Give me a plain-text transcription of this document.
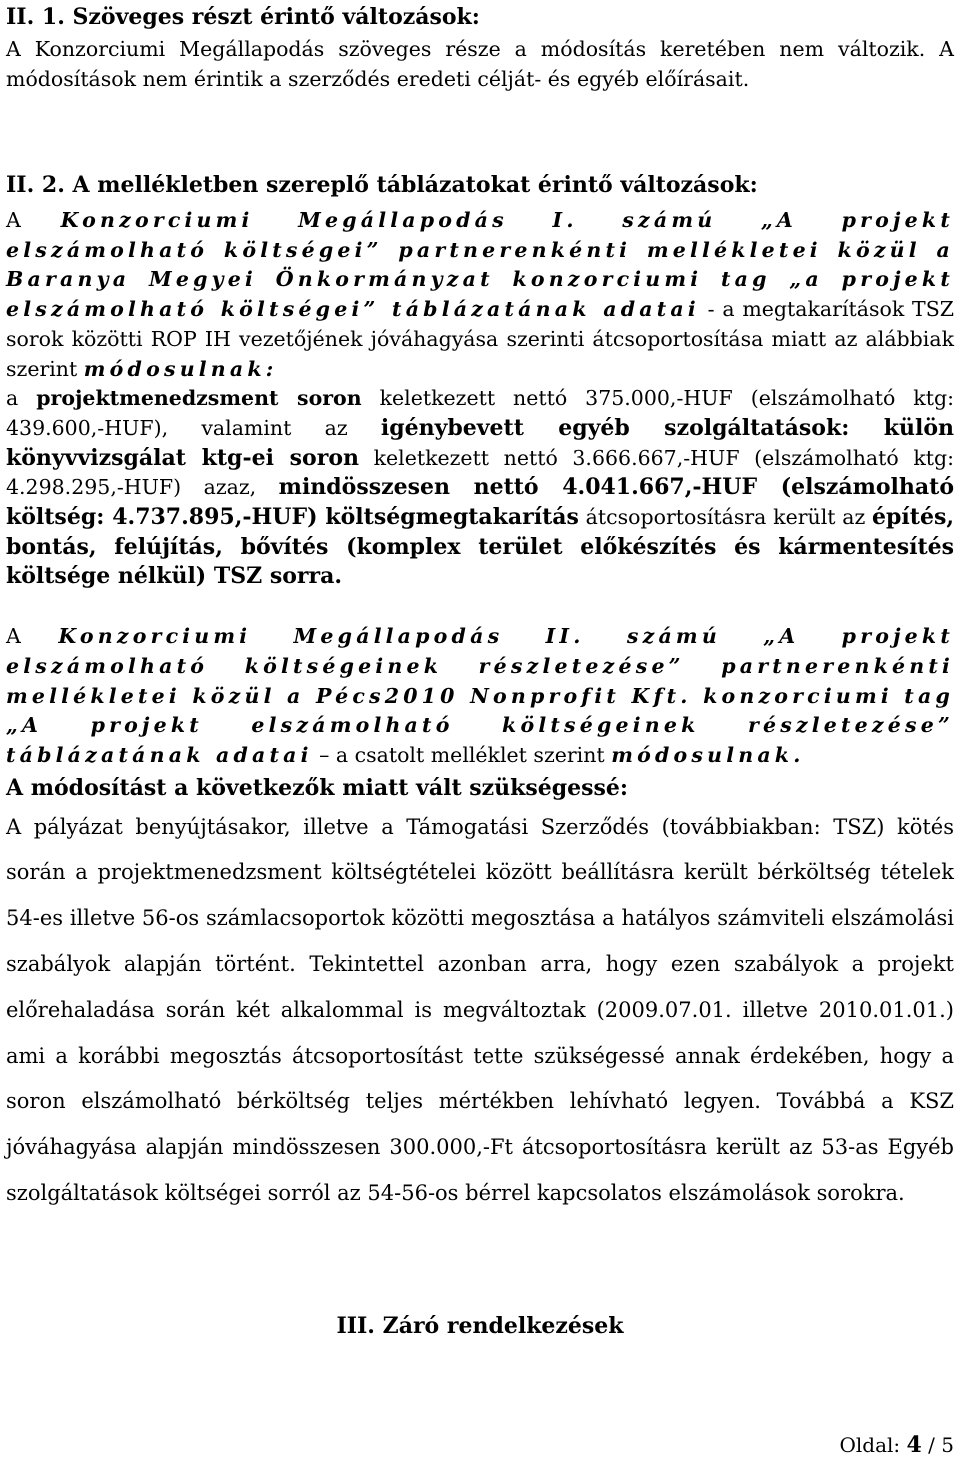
II. 1. Szöveges részt érintő változások:

A Konzorciumi Megállapodás szöveges része a módosítás keretében nem változik. A módosítások nem érintik a szerződés eredeti célját- és egyéb előírásait.

II. 2. A mellékletben szereplő táblázatokat érintő változások:

A Konzorciumi Megállapodás I. számú „A projekt elszámolható költségei” partnerenkénti mellékletei közül a Baranya Megyei Önkormányzat konzorciumi tag „a projekt elszámolható költségei” táblázatának adatai - a megtakarítások TSZ sorok közötti ROP IH vezetőjének jóváhagyása szerinti átcsoportosítása miatt az alábbiak szerint módosulnak:
a projektmenedzsment soron keletkezett nettó 375.000,-HUF (elszámolható ktg: 439.600,-HUF), valamint az igénybevett egyéb szolgáltatások: külön könyvvizsgálat ktg-ei soron keletkezett nettó 3.666.667,-HUF (elszámolható ktg: 4.298.295,-HUF) azaz, mindösszesen nettó 4.041.667,-HUF (elszámolható költség: 4.737.895,-HUF) költségmegtakarítás átcsoportosításra került az építés, bontás, felújítás, bővítés (komplex terület előkészítés és kármentesítés költsége nélkül) TSZ sorra.

A Konzorciumi Megállapodás II. számú „A projekt elszámolható költségeinek részletezése” partnerenkénti mellékletei közül a Pécs2010 Nonprofit Kft. konzorciumi tag „A projekt elszámolható költségeinek részletezése” táblázatának adatai – a csatolt melléklet szerint módosulnak.

A módosítást a következők miatt vált szükségessé:

A pályázat benyújtásakor, illetve a Támogatási Szerződés (továbbiakban: TSZ) kötés során a projektmenedzsment költségtételei között beállításra került bérköltség tételek 54-es illetve 56-os számlacsoportok közötti megosztása a hatályos számviteli elszámolási szabályok alapján történt. Tekintettel azonban arra, hogy ezen szabályok a projekt előrehaladása során két alkalommal is megváltoztak (2009.07.01. illetve 2010.01.01.) ami a korábbi megosztás átcsoportosítást tette szükségessé annak érdekében, hogy a soron elszámolható bérköltség teljes mértékben lehívható legyen. Továbbá a KSZ jóváhagyása alapján mindösszesen 300.000,-Ft átcsoportosításra került az 53-as Egyéb szolgáltatások költségei sorról az 54-56-os bérrel kapcsolatos elszámolások sorokra.

III. Záró rendelkezések

Oldal: 4 / 5
